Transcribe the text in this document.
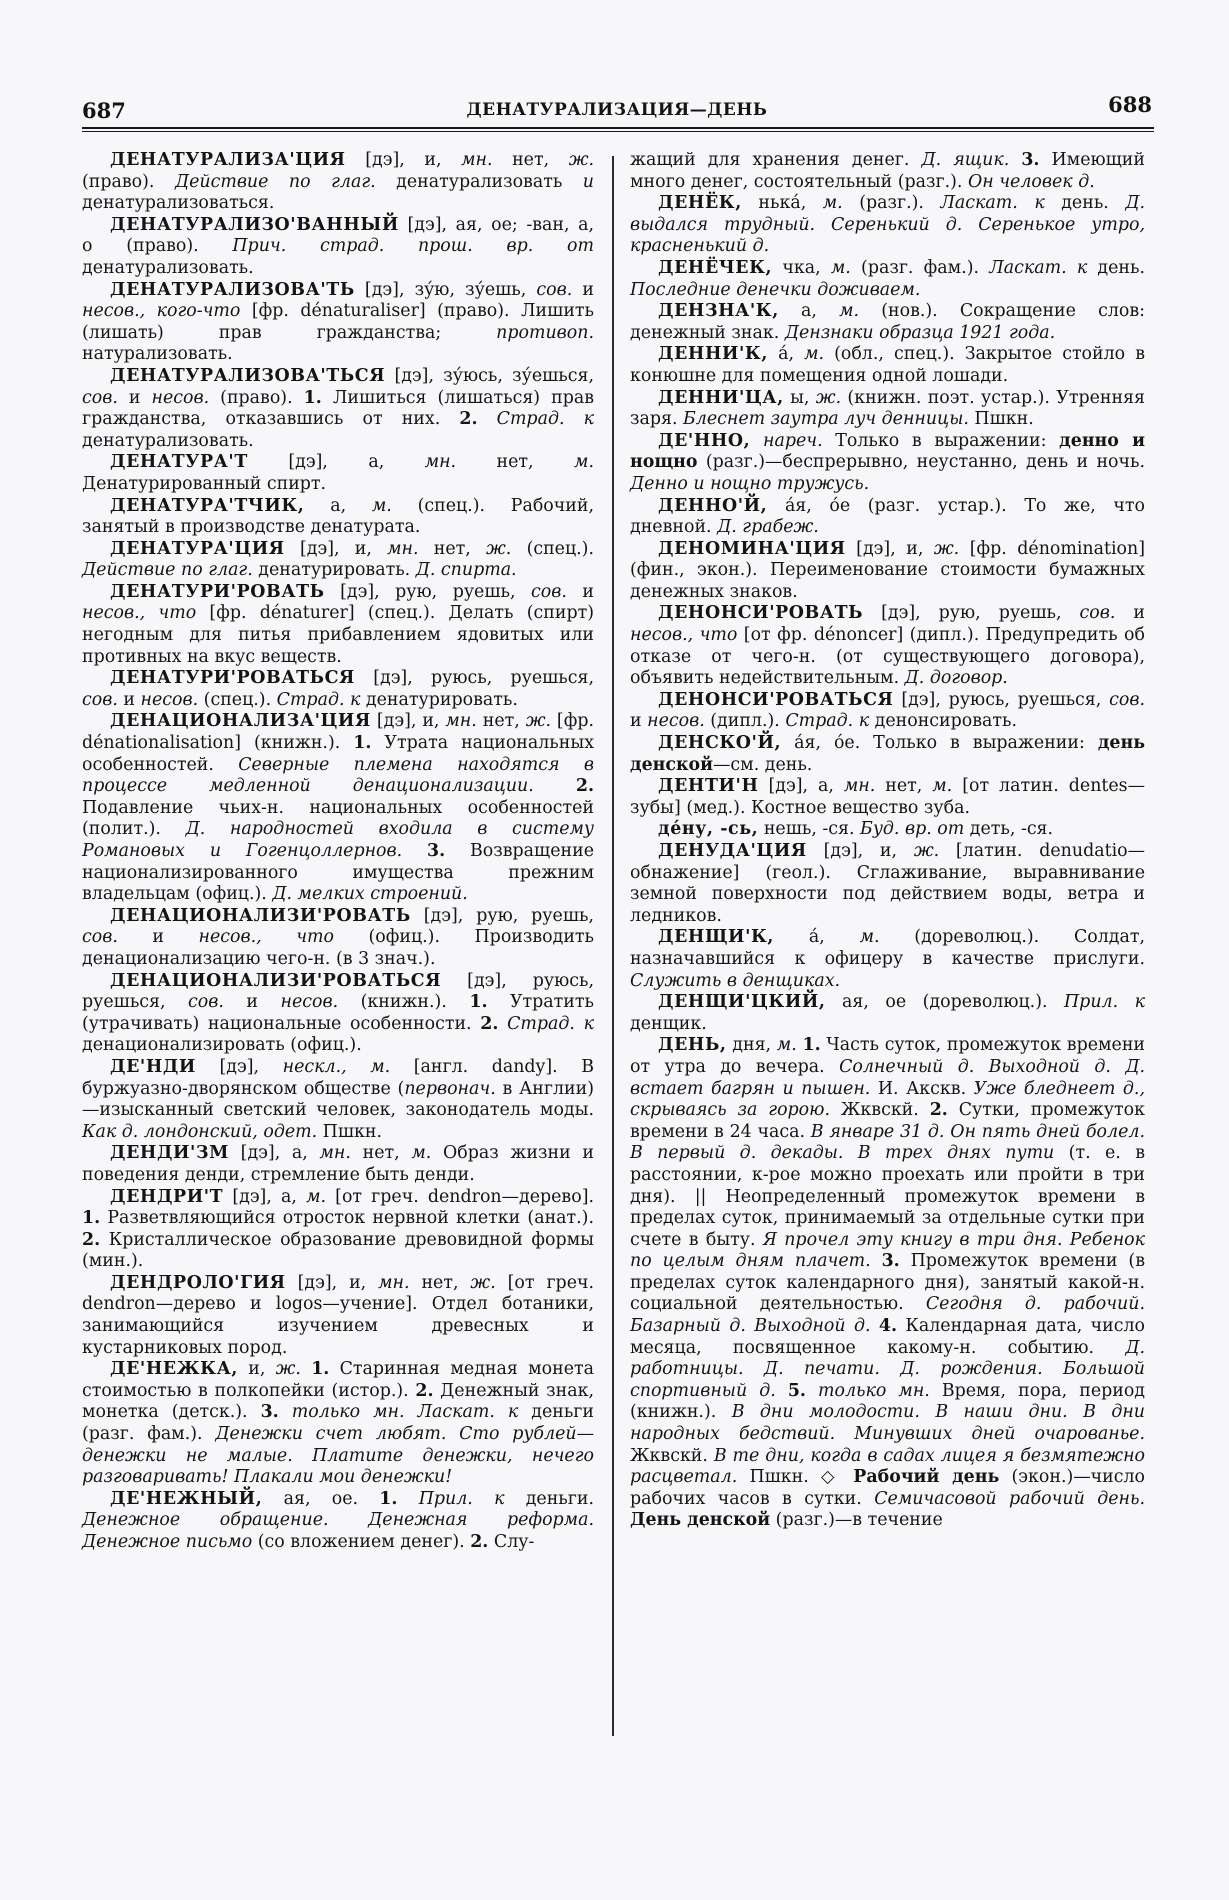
687	ДЕНАТУРАЛИЗАЦИЯ—ДЕНЬ	688

ДЕНАТУРАЛИЗА'ЦИЯ [дэ], и, мн. нет, ж. (право). Действие по глаг. денатурализовать и денатурализоваться.

ДЕНАТУРАЛИЗО'ВАННЫЙ [дэ], ая, ое; -ван, а, о (право). Прич. страд. прош. вр. от денатурализовать.

ДЕНАТУРАЛИЗОВА'ТЬ [дэ], зу́ю, зу́ешь, сов. и несов., кого-что [фр. dénaturaliser] (право). Лишить (лишать) прав гражданства; противоп. натурализовать.

ДЕНАТУРАЛИЗОВА'ТЬСЯ [дэ], зу́юсь, зу́ешься, сов. и несов. (право). 1. Лишиться (лишаться) прав гражданства, отказавшись от них. 2. Страд. к денатурализовать.

ДЕНАТУРА'Т [дэ], а, мн. нет, м. Денатурированный спирт.

ДЕНАТУРА'ТЧИК, а, м. (спец.). Рабочий, занятый в производстве денатурата.

ДЕНАТУРА'ЦИЯ [дэ], и, мн. нет, ж. (спец.). Действие по глаг. денатурировать. Д. спирта.

ДЕНАТУРИ'РОВАТЬ [дэ], рую, руешь, сов. и несов., что [фр. dénaturer] (спец.). Делать (спирт) негодным для питья прибавлением ядовитых или противных на вкус веществ.

ДЕНАТУРИ'РОВАТЬСЯ [дэ], руюсь, руешься, сов. и несов. (спец.). Страд. к денатурировать.

ДЕНАЦИОНАЛИЗА'ЦИЯ [дэ], и, мн. нет, ж. [фр. dénationalisation] (книжн.). 1. Утрата национальных особенностей. Северные племена находятся в процессе медленной денационализации. 2. Подавление чьих-н. национальных особенностей (полит.). Д. народностей входила в систему Романовых и Гогенцоллернов. 3. Возвращение национализированного имущества прежним владельцам (офиц.). Д. мелких строений.

ДЕНАЦИОНАЛИЗИ'РОВАТЬ [дэ], рую, руешь, сов. и несов., что (офиц.). Производить денационализацию чего-н. (в 3 знач.).

ДЕНАЦИОНАЛИЗИ'РОВАТЬСЯ [дэ], руюсь, руешься, сов. и несов. (книжн.). 1. Утратить (утрачивать) национальные особенности. 2. Страд. к денационализировать (офиц.).

ДЕ'НДИ [дэ], нескл., м. [англ. dandy]. В буржуазно-дворянском обществе (первонач. в Англии)—изысканный светский человек, законодатель моды. Как д. лондонский, одет. Пшкн.

ДЕНДИ'ЗМ [дэ], а, мн. нет, м. Образ жизни и поведения денди, стремление быть денди.

ДЕНДРИ'Т [дэ], а, м. [от греч. dendron—дерево]. 1. Разветвляющийся отросток нервной клетки (анат.). 2. Кристаллическое образование древовидной формы (мин.).

ДЕНДРОЛО'ГИЯ [дэ], и, мн. нет, ж. [от греч. dendron—дерево и logos—учение]. Отдел ботаники, занимающийся изучением древесных и кустарниковых пород.

ДЕ'НЕЖКА, и, ж. 1. Старинная медная монета стоимостью в полкопейки (истор.). 2. Денежный знак, монетка (детск.). 3. только мн. Ласкат. к деньги (разг. фам.). Денежки счет любят. Сто рублей—денежки не малые. Платите денежки, нечего разговаривать! Плакали мои денежки!

ДЕ'НЕЖНЫЙ, ая, ое. 1. Прил. к деньги. Денежное обращение. Денежная реформа. Денежное письмо (со вложением денег). 2. Слу-

жащий для хранения денег. Д. ящик. 3. Имеющий много денег, состоятельный (разг.). Он человек д.

ДЕНЁК, нька́, м. (разг.). Ласкат. к день. Д. выдался трудный. Серенький д. Серенькое утро, красненький д.

ДЕНЁЧЕК, чка, м. (разг. фам.). Ласкат. к день. Последние денечки доживаем.

ДЕНЗНА'К, а, м. (нов.). Сокращение слов: денежный знак. Дензнаки образца 1921 года.

ДЕННИ'К, а́, м. (обл., спец.). Закрытое стойло в конюшне для помещения одной лошади.

ДЕННИ'ЦА, ы, ж. (книжн. поэт. устар.). Утренняя заря. Блеснет заутра луч денницы. Пшкн.

ДЕ'ННО, нареч. Только в выражении: денно и нощно (разг.)—беспрерывно, неустанно, день и ночь. Денно и нощно тружусь.

ДЕННО'Й, а́я, о́е (разг. устар.). То же, что дневной. Д. грабеж.

ДЕНОМИНА'ЦИЯ [дэ], и, ж. [фр. dénomination] (фин., экон.). Переименование стоимости бумажных денежных знаков.

ДЕНОНСИ'РОВАТЬ [дэ], рую, руешь, сов. и несов., что [от фр. dénoncer] (дипл.). Предупредить об отказе от чего-н. (от существующего договора), объявить недействительным. Д. договор.

ДЕНОНСИ'РОВАТЬСЯ [дэ], руюсь, руешься, сов. и несов. (дипл.). Страд. к денонсировать.

ДЕНСКО'Й, а́я, о́е. Только в выражении: день денской—см. день.

ДЕНТИ'Н [дэ], а, мн. нет, м. [от латин. dentes—зубы] (мед.). Костное вещество зуба.

де́ну, -сь, нешь, -ся. Буд. вр. от деть, -ся.

ДЕНУДА'ЦИЯ [дэ], и, ж. [латин. denudatio—обнажение] (геол.). Сглаживание, выравнивание земной поверхности под действием воды, ветра и ледников.

ДЕНЩИ'К, а́, м. (дореволюц.). Солдат, назначавшийся к офицеру в качестве прислуги. Служить в денщиках.

ДЕНЩИ'ЦКИЙ, ая, ое (дореволюц.). Прил. к денщик.

ДЕНЬ, дня, м. 1. Часть суток, промежуток времени от утра до вечера. Солнечный д. Выходной д. Д. встает багрян и пышен. И. Акскв. Уже бледнеет д., скрываясь за горою. Жквскй. 2. Сутки, промежуток времени в 24 часа. В январе 31 д. Он пять дней болел. В первый д. декады. В трех днях пути (т. е. в расстоянии, к-рое можно проехать или пройти в три дня). || Неопределенный промежуток времени в пределах суток, принимаемый за отдельные сутки при счете в быту. Я прочел эту книгу в три дня. Ребенок по целым дням плачет. 3. Промежуток времени (в пределах суток календарного дня), занятый какой-н. социальной деятельностью. Сегодня д. рабочий. Базарный д. Выходной д. 4. Календарная дата, число месяца, посвященное какому-н. событию. Д. работницы. Д. печати. Д. рождения. Большой спортивный д. 5. только мн. Время, пора, период (книжн.). В дни молодости. В наши дни. В дни народных бедствий. Минувших дней очарованье. Жквскй. В те дни, когда в садах лицея я безмятежно расцветал. Пшкн. ◇ Рабочий день (экон.)—число рабочих часов в сутки. Семичасовой рабочий день. День денской (разг.)—в течение
